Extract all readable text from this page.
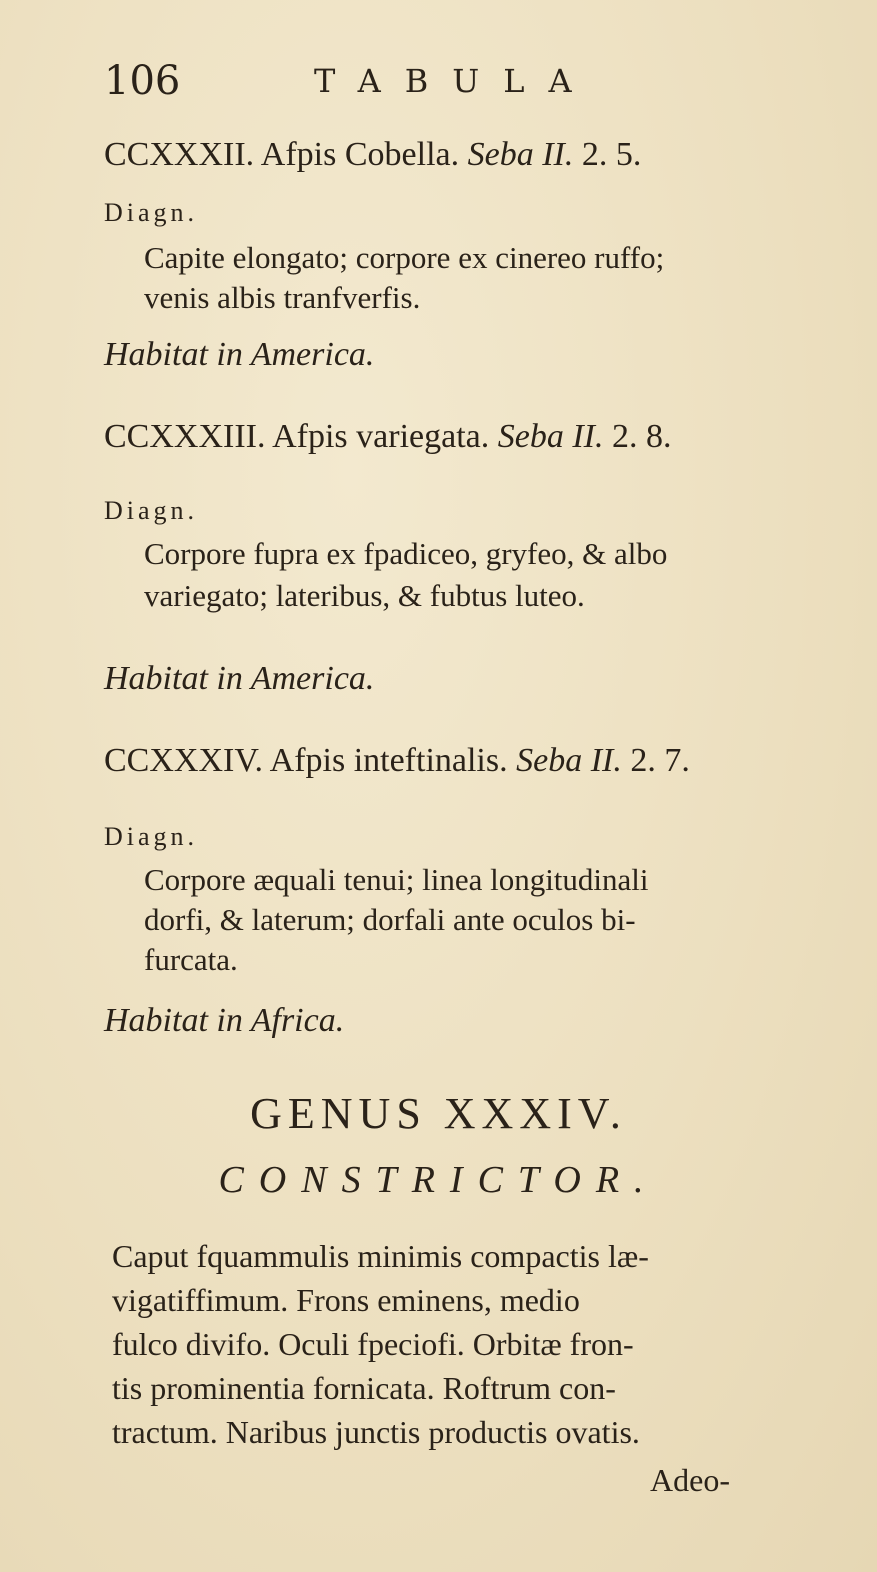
106	TABULA
CCXXXII. Afpis Cobella. Seba II. 2. 5.
Diagn.
Capite elongato; corpore ex cinereo ruffo;
venis albis tranfverfis.
Habitat in America.
CCXXXIII. Afpis variegata. Seba II. 2. 8.
Diagn.
Corpore fupra ex fpadiceo, gryfeo, & albo
variegato; lateribus, & fubtus luteo.
Habitat in America.
CCXXXIV. Afpis inteftinalis. Seba II. 2. 7.
Diagn.
Corpore æquali tenui; linea longitudinali
dorfi, & laterum; dorfali ante oculos bi-
furcata.
Habitat in Africa.
GENUS XXXIV.
CONSTRICTOR.
Caput fquammulis minimis compactis læ-
vigatiffimum. Frons eminens, medio
fulco divifo. Oculi fpeciofi. Orbitæ fron-
tis prominentia fornicata. Roftrum con-
tractum. Naribus junctis productis ovatis.
Adeo-
